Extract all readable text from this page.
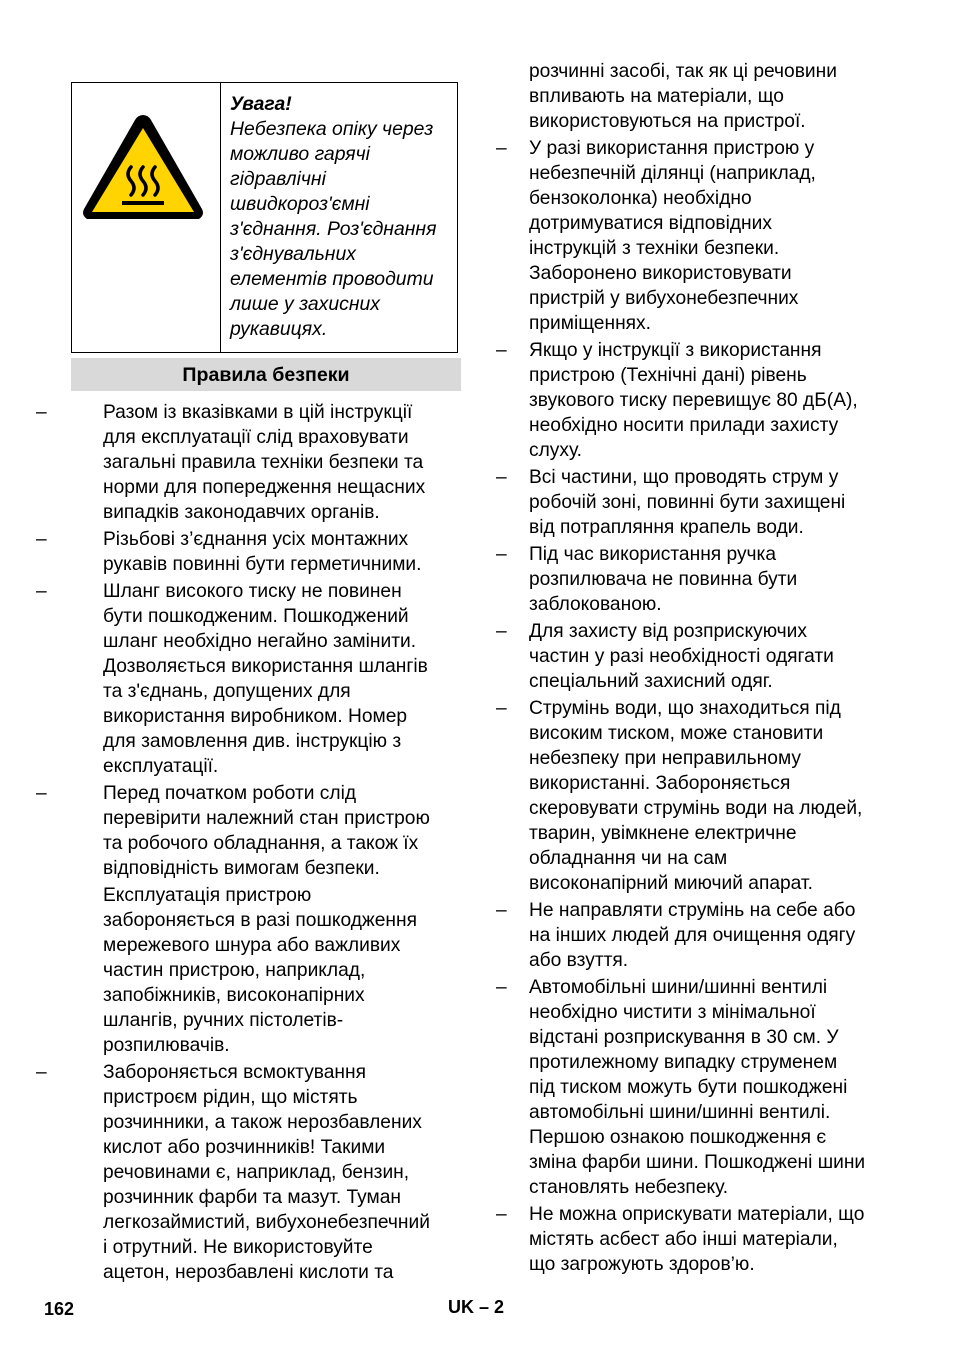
Увага!
Небезпека опіку через
можливо гарячі
гідравлічні
швидкороз'ємні
з'єднання. Роз'єднання
з'єднувальних
елементів проводити
лише у захисних
рукавицях.
Правила безпеки
–	Разом із вказівками в цій інструкції
для експлуатації слід враховувати
загальні правила техніки безпеки та
норми для попередження нещасних
випадків законодавчих органів.

–	Різьбові з’єднання усіх монтажних
рукавів повинні бути герметичними.

–	Шланг високого тиску не повинен
бути пошкодженим. Пошкоджений
шланг необхідно негайно замінити.
Дозволяється використання шлангів
та з'єднань, допущених для
використання виробником. Номер
для замовлення див. інструкцію з
експлуатації.

–	Перед початком роботи слід
перевірити належний стан пристрою
та робочого обладнання, а також їх
відповідність вимогам безпеки.

Експлуатація пристрою
забороняється в разі пошкодження
мережевого шнура або важливих
частин пристрою, наприклад,
запобіжників, високонапірних
шлангів, ручних пістолетів-
розпилювачів.

–	Забороняється всмоктування
пристроєм рідин, що містять
розчинники, а також нерозбавлених
кислот або розчинників! Такими
речовинами є, наприклад, бензин,
розчинник фарби та мазут. Туман
легкозаймистий, вибухонебезпечний
і отрутний. Не використовуйте
ацетон, нерозбавлені кислоти та

розчинні засобі, так як ці речовини
впливають на матеріали, що
використовуються на пристрої.
– У разі використання пристрою у
небезпечній ділянці (наприклад,
бензоколонка) необхідно
дотримуватися відповідних
інструкцій з техніки безпеки.
Заборонено використовувати
пристрій у вибухонебезпечних
приміщеннях.

– Якщо у інструкції з використання
пристрою (Технічні дані) рівень
звукового тиску перевищує 80 дБ(А),
необхідно носити прилади захисту
слуху.

– Всі частини, що проводять струм у
робочій зоні, повинні бути захищені
від потрапляння крапель води.

– Під час використання ручка
розпилювача не повинна бути
заблокованою.

– Для захисту від розприскуючих
частин у разі необхідності одягати
спеціальний захисний одяг.

– Струмінь води, що знаходиться під
високим тиском, може становити
небезпеку при неправильному
використанні. Забороняється
скеровувати струмінь води на людей,
тварин, увімкнене електричне
обладнання чи на сам
високонапірний миючий апарат.

– Не направляти струмінь на себе або
на інших людей для очищення одягу
або взуття.

– Автомобільні шини/шинні вентилі
необхідно чистити з мінімальної
відстані розприскування в 30 см. У
протилежному випадку струменем
під тиском можуть бути пошкоджені
автомобільні шини/шинні вентилі.
Першою ознакою пошкодження є
зміна фарби шини. Пошкоджені шини
становлять небезпеку.

– Не можна оприскувати матеріали, що
містять асбест або інші матеріали,
що загрожують здоров’ю.

162	UK – 2
